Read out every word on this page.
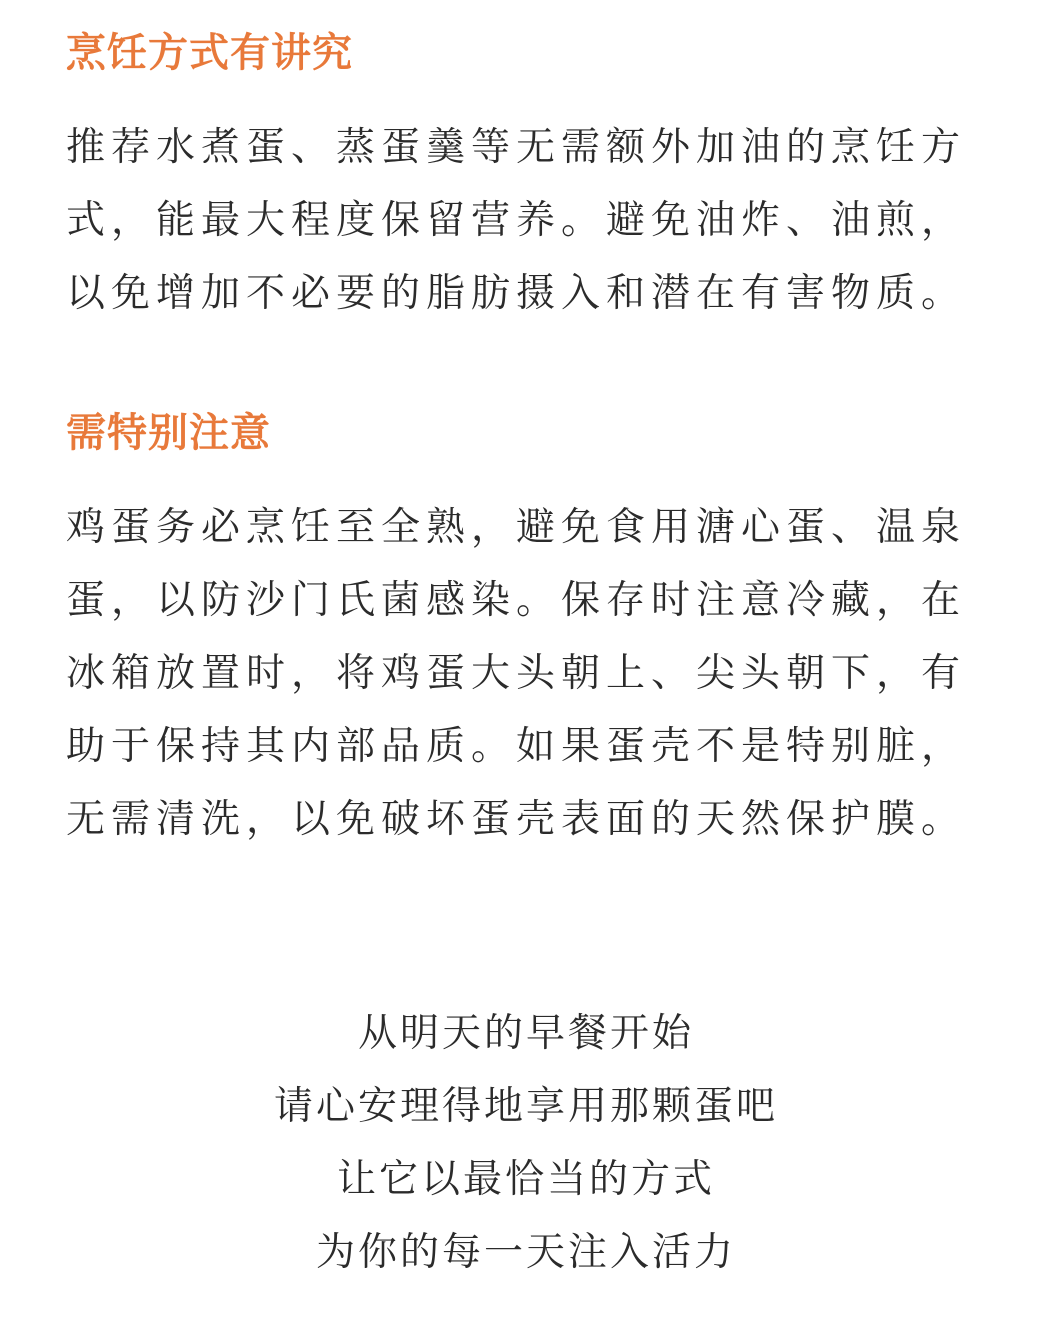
烹饪方式有讲究
推荐水煮蛋、蒸蛋羹等无需额外加油的烹饪方
式，能最大程度保留营养。避免油炸、油煎，
以免增加不必要的脂肪摄入和潜在有害物质。
需特别注意
鸡蛋务必烹饪至全熟，避免食用溏心蛋、温泉
蛋，以防沙门氏菌感染。保存时注意冷藏，在
冰箱放置时，将鸡蛋大头朝上、尖头朝下，有
助于保持其内部品质。如果蛋壳不是特别脏，
无需清洗，以免破坏蛋壳表面的天然保护膜。
从明天的早餐开始
请心安理得地享用那颗蛋吧
让它以最恰当的方式
为你的每一天注入活力
